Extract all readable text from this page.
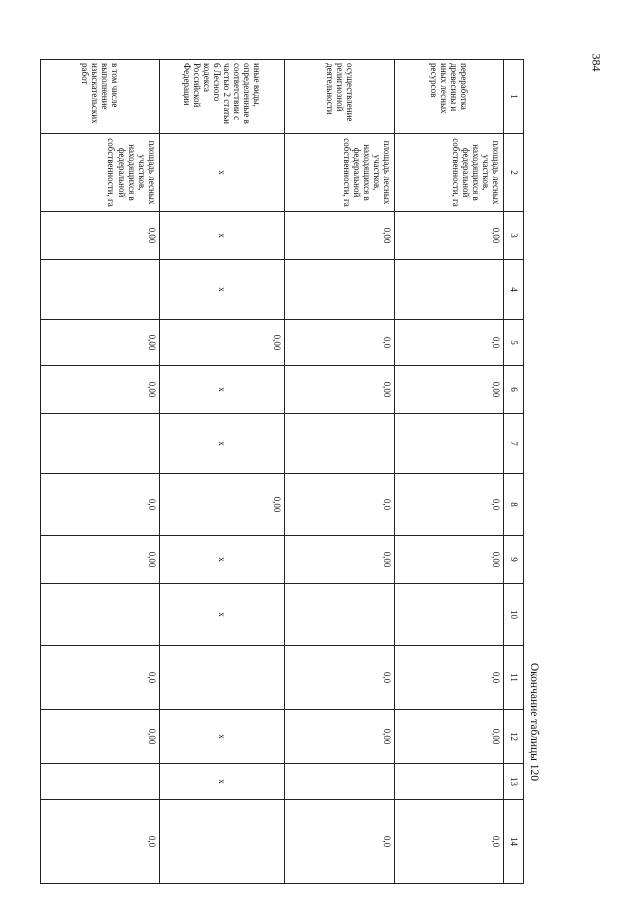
384
Окончание таблицы 120
1	2	3	4	5	6	7	8	9	10	11	12	13	14
переработка древесины и иных лесных ресурсов	площадь лесных участков, находящихся в федеральной собственности, га	0,00		0,0	0,00		0,0	0,00		0,0	0,00		0,0
осуществление религиозной деятельности	площадь лесных участков, находящихся в федеральной собственности, га	0,00		0,0	0,00		0,0	0,00		0,0	0,00		0,0
иные виды, определенные в соответствии с частью 2 статьи 6 Лесного кодекса Российской Федерации	x	x	x	0,00	x	x	0,00	x	x		x	x	
в том числе выполнение изыскательских работ	площадь лесных участков, находящихся в федеральной собственности, га	0,00		0,00	0,00		0,0	0,00		0,0	0,00		0,0
